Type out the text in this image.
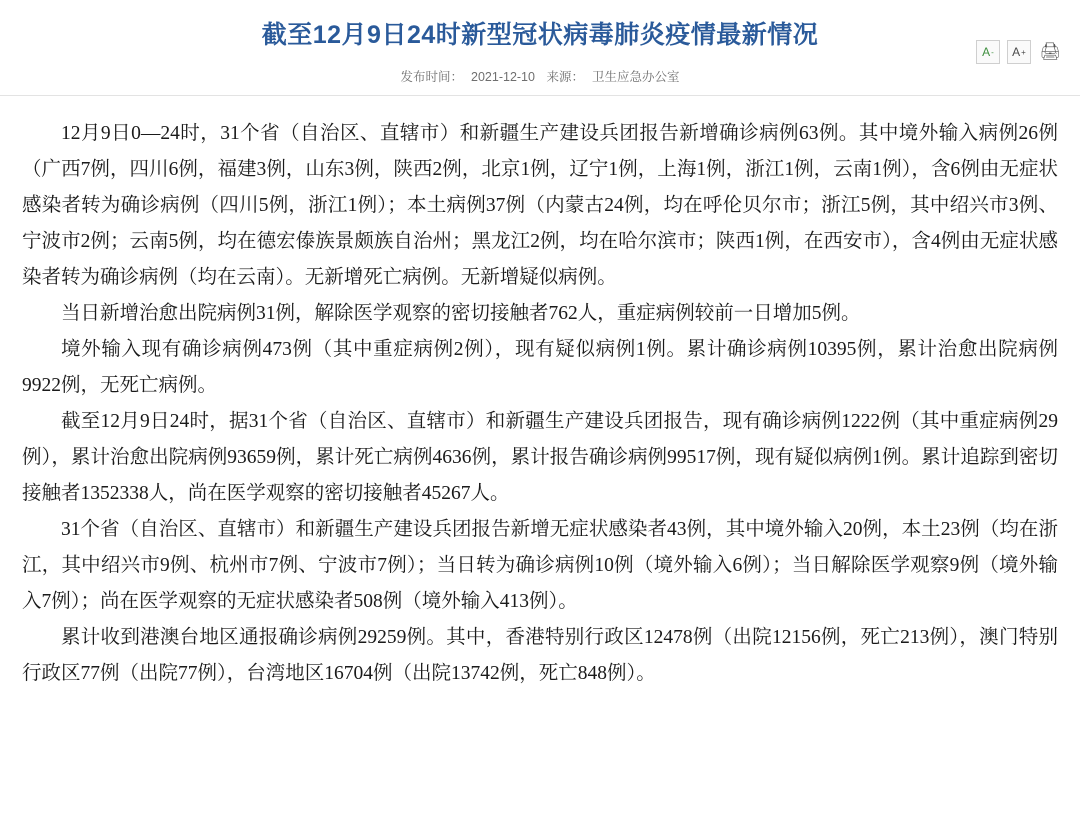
截至12月9日24时新型冠状病毒肺炎疫情最新情况
发布时间： 2021-12-10 来源： 卫生应急办公室
A - A + 🖨

12月9日0—24时，31个省（自治区、直辖市）和新疆生产建设兵团报告新增确诊病例63例。其中境外输入病例26例（广西7例，四川6例，福建3例，山东3例，陕西2例，北京1例，辽宁1例，上海1例，浙江1例，云南1例），含6例由无症状感染者转为确诊病例（四川5例，浙江1例）；本土病例37例（内蒙古24例，均在呼伦贝尔市；浙江5例，其中绍兴市3例、宁波市2例；云南5例，均在德宏傣族景颇族自治州；黑龙江2例，均在哈尔滨市；陕西1例，在西安市），含4例由无症状感染者转为确诊病例（均在云南）。无新增死亡病例。无新增疑似病例。

当日新增治愈出院病例31例，解除医学观察的密切接触者762人，重症病例较前一日增加5例。

境外输入现有确诊病例473例（其中重症病例2例），现有疑似病例1例。累计确诊病例10395例，累计治愈出院病例9922例，无死亡病例。

截至12月9日24时，据31个省（自治区、直辖市）和新疆生产建设兵团报告，现有确诊病例1222例（其中重症病例29例），累计治愈出院病例93659例，累计死亡病例4636例，累计报告确诊病例99517例，现有疑似病例1例。累计追踪到密切接触者1352338人，尚在医学观察的密切接触者45267人。

31个省（自治区、直辖市）和新疆生产建设兵团报告新增无症状感染者43例，其中境外输入20例，本土23例（均在浙江，其中绍兴市9例、杭州市7例、宁波市7例）；当日转为确诊病例10例（境外输入6例）；当日解除医学观察9例（境外输入7例）；尚在医学观察的无症状感染者508例（境外输入413例）。

累计收到港澳台地区通报确诊病例29259例。其中，香港特别行政区12478例（出院12156例，死亡213例），澳门特别行政区77例（出院77例），台湾地区16704例（出院13742例，死亡848例）。
